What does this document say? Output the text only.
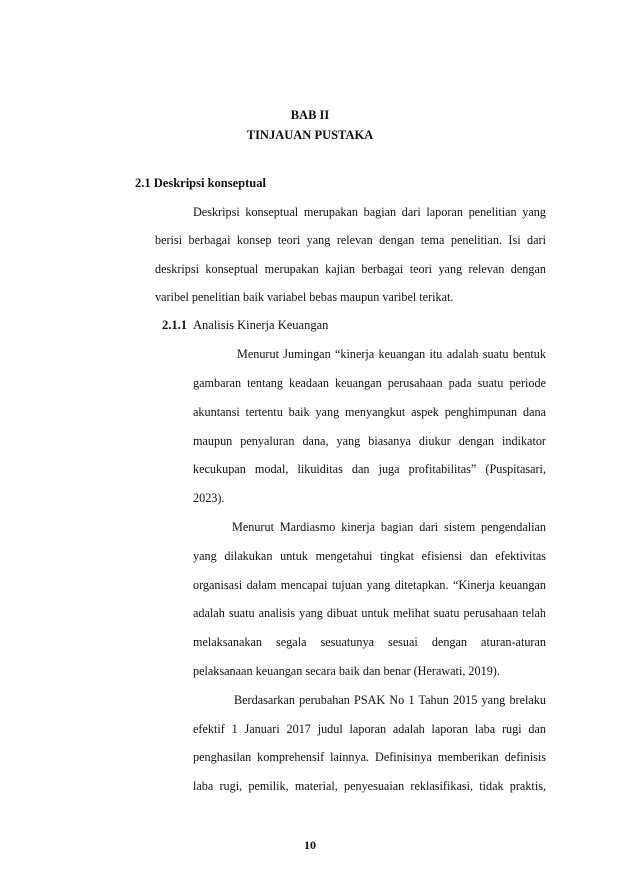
BAB II
TINJAUAN PUSTAKA
2.1 Deskripsi konseptual
Deskripsi konseptual merupakan bagian dari laporan penelitian yang
berisi berbagai konsep teori yang relevan dengan tema penelitian. Isi dari
deskripsi konseptual merupakan kajian berbagai teori yang relevan dengan
varibel penelitian baik variabel bebas maupun varibel terikat.
2.1.1 Analisis Kinerja Keuangan
Menurut Jumingan “kinerja keuangan itu adalah suatu bentuk
gambaran tentang keadaan keuangan perusahaan pada suatu periode
akuntansi tertentu baik yang menyangkut aspek penghimpunan dana
maupun penyaluran dana, yang biasanya diukur dengan indikator
kecukupan modal, likuiditas dan juga profitabilitas” (Puspitasari,
2023).
Menurut Mardiasmo kinerja bagian dari sistem pengendalian
yang dilakukan untuk mengetahui tingkat efisiensi dan efektivitas
organisasi dalam mencapai tujuan yang ditetapkan. “Kinerja keuangan
adalah suatu analisis yang dibuat untuk melihat suatu perusahaan telah
melaksanakan segala sesuatunya sesuai dengan aturan-aturan
pelaksanaan keuangan secara baik dan benar (Herawati, 2019).
Berdasarkan perubahan PSAK No 1 Tahun 2015 yang brelaku
efektif 1 Januari 2017 judul laporan adalah laporan laba rugi dan
penghasilan komprehensif lainnya. Definisinya memberikan definisis
laba rugi, pemilik, material, penyesuaian reklasifikasi, tidak praktis,
10
